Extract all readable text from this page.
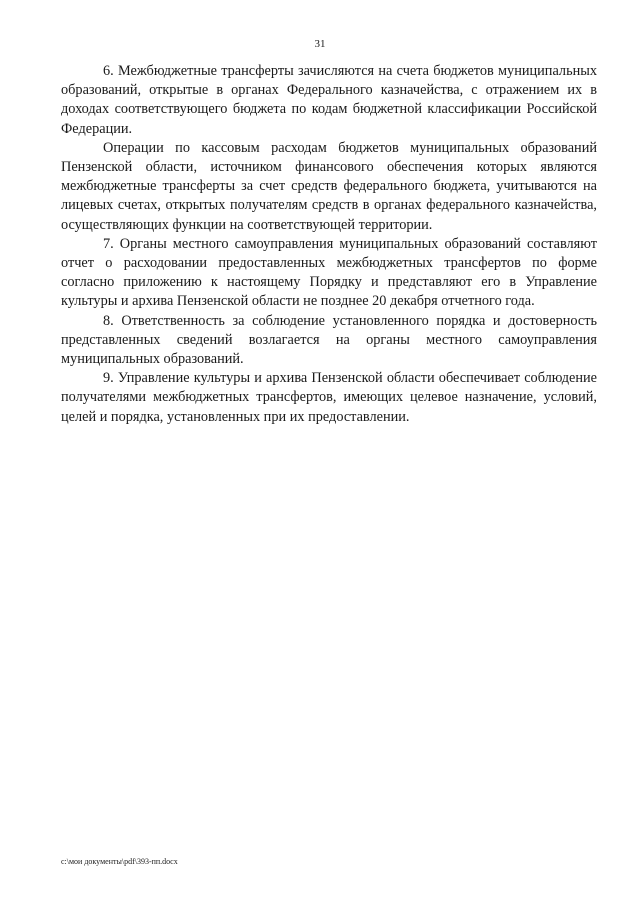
31

6. Межбюджетные трансферты зачисляются на счета бюджетов муниципальных образований, открытые в органах Федерального казначейства, с отражением их в доходах соответствующего бюджета по кодам бюджетной классификации Российской Федерации.

Операции по кассовым расходам бюджетов муниципальных образований Пензенской области, источником финансового обеспечения которых являются межбюджетные трансферты за счет средств федерального бюджета, учитываются на лицевых счетах, открытых получателям средств в органах федерального казначейства, осуществляющих функции на соответствующей территории.

7. Органы местного самоуправления муниципальных образований составляют отчет о расходовании предоставленных межбюджетных трансфертов по форме согласно приложению к настоящему Порядку и представляют его в Управление культуры и архива Пензенской области не позднее 20 декабря отчетного года.

8. Ответственность за соблюдение установленного порядка и достоверность представленных сведений возлагается на органы местного самоуправления муниципальных образований.

9. Управление культуры и архива Пензенской области обеспечивает соблюдение получателями межбюджетных трансфертов, имеющих целевое назначение, условий, целей и порядка, установленных при их предоставлении.

c:\мои документы\pdf\393-пп.docx
